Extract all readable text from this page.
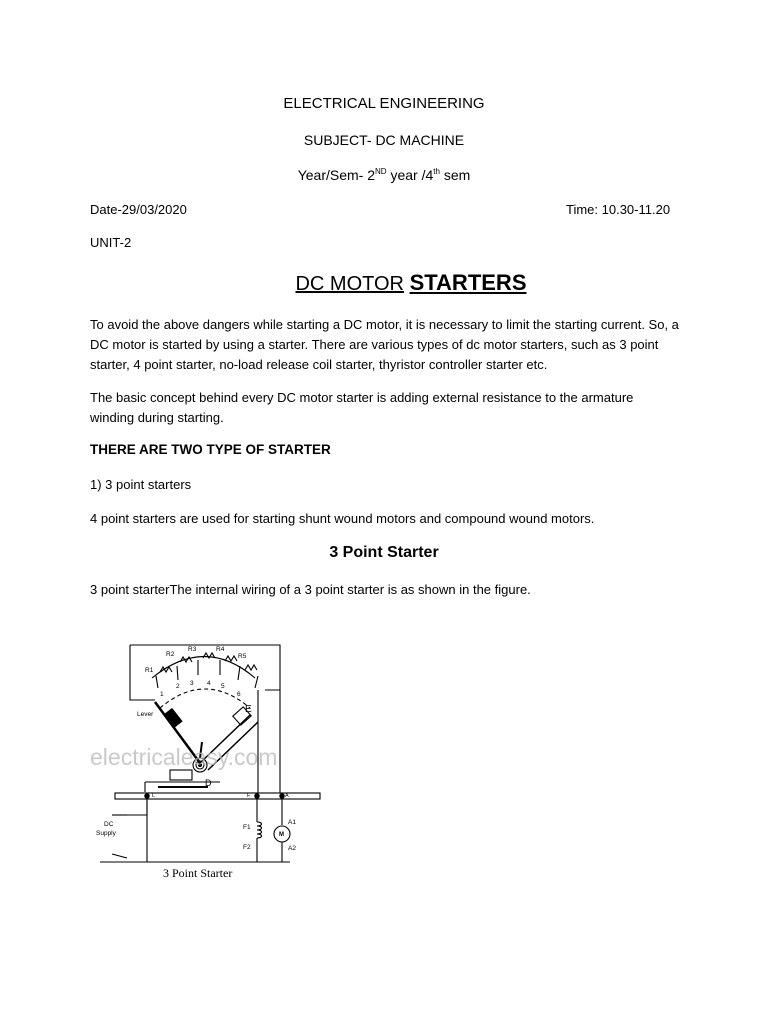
ELECTRICAL ENGINEERING

SUBJECT- DC MACHINE

Year/Sem- 2ND year /4th sem

Date-29/03/2020	Time: 10.30-11.20

UNIT-2

DC MOTOR STARTERS

To avoid the above dangers while starting a DC motor, it is necessary to limit the starting current. So, a DC motor is started by using a starter. There are various types of dc motor starters, such as 3 point starter, 4 point starter, no-load release coil starter, thyristor controller starter etc.

The basic concept behind every DC motor starter is adding external resistance to the armature winding during starting.

THERE ARE TWO TYPE OF STARTER

1) 3 point starters

4 point starters are used for starting shunt wound motors and compound wound motors.

3 Point Starter

3 point starterThe internal wiring of a 3 point starter is as shown in the figure.

R1
R2
R3	R4
R5
1
2 3 4 5
6
Lever	E
D
L	F	A
DC
Supply
F1
F2
A1
A2
M
electricaleasy.com
3 Point Starter
